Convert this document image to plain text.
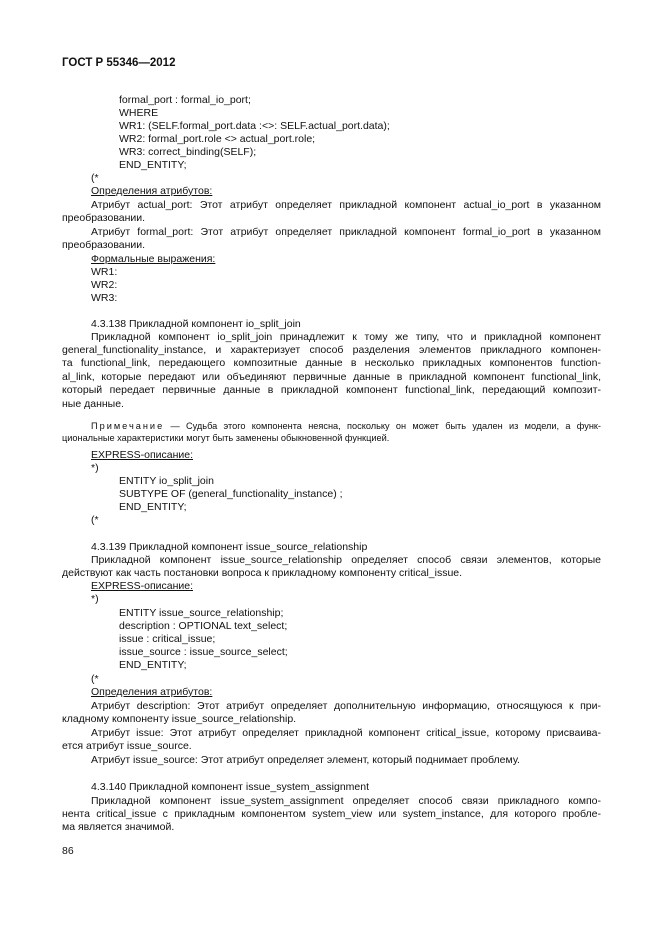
ГОСТ Р 55346—2012
formal_port : formal_io_port;
WHERE
WR1: (SELF.formal_port.data :<>: SELF.actual_port.data);
WR2: formal_port.role <> actual_port.role;
WR3: correct_binding(SELF);
END_ENTITY;
(*
Определения атрибутов:
Атрибут actual_port: Этот атрибут определяет прикладной компонент actual_io_port в указанном
преобразовании.
Атрибут formal_port: Этот атрибут определяет прикладной компонент formal_io_port в указанном
преобразовании.
Формальные выражения:
WR1:
WR2:
WR3:
4.3.138 Прикладной компонент io_split_join
Прикладной компонент io_split_join принадлежит к тому же типу, что и прикладной компонент
general_functionality_instance, и характеризует способ разделения элементов прикладного компонен-
та functional_link, передающего композитные данные в несколько прикладных компонентов function-
al_link, которые передают или объединяют первичные данные в прикладной компонент functional_link,
который передает первичные данные в прикладной компонент functional_link, передающий композит-
ные данные.
Примечание — Судьба этого компонента неясна, поскольку он может быть удален из модели, а функ-
циональные характеристики могут быть заменены обыкновенной функцией.
EXPRESS-описание:
*)
ENTITY io_split_join
SUBTYPE OF (general_functionality_instance) ;
END_ENTITY;
(*
4.3.139 Прикладной компонент issue_source_relationship
Прикладной компонент issue_source_relationship определяет способ связи элементов, которые
действуют как часть постановки вопроса к прикладному компоненту critical_issue.
EXPRESS-описание:
*)
ENTITY issue_source_relationship;
description : OPTIONAL text_select;
issue : critical_issue;
issue_source : issue_source_select;
END_ENTITY;
(*
Определения атрибутов:
Атрибут description: Этот атрибут определяет дополнительную информацию, относящуюся к при-
кладному компоненту issue_source_relationship.
Атрибут issue: Этот атрибут определяет прикладной компонент critical_issue, которому присваива-
ется атрибут issue_source.
Атрибут issue_source: Этот атрибут определяет элемент, который поднимает проблему.
4.3.140 Прикладной компонент issue_system_assignment
Прикладной компонент issue_system_assignment определяет способ связи прикладного компо-
нента critical_issue с прикладным компонентом system_view или system_instance, для которого пробле-
ма является значимой.
86
